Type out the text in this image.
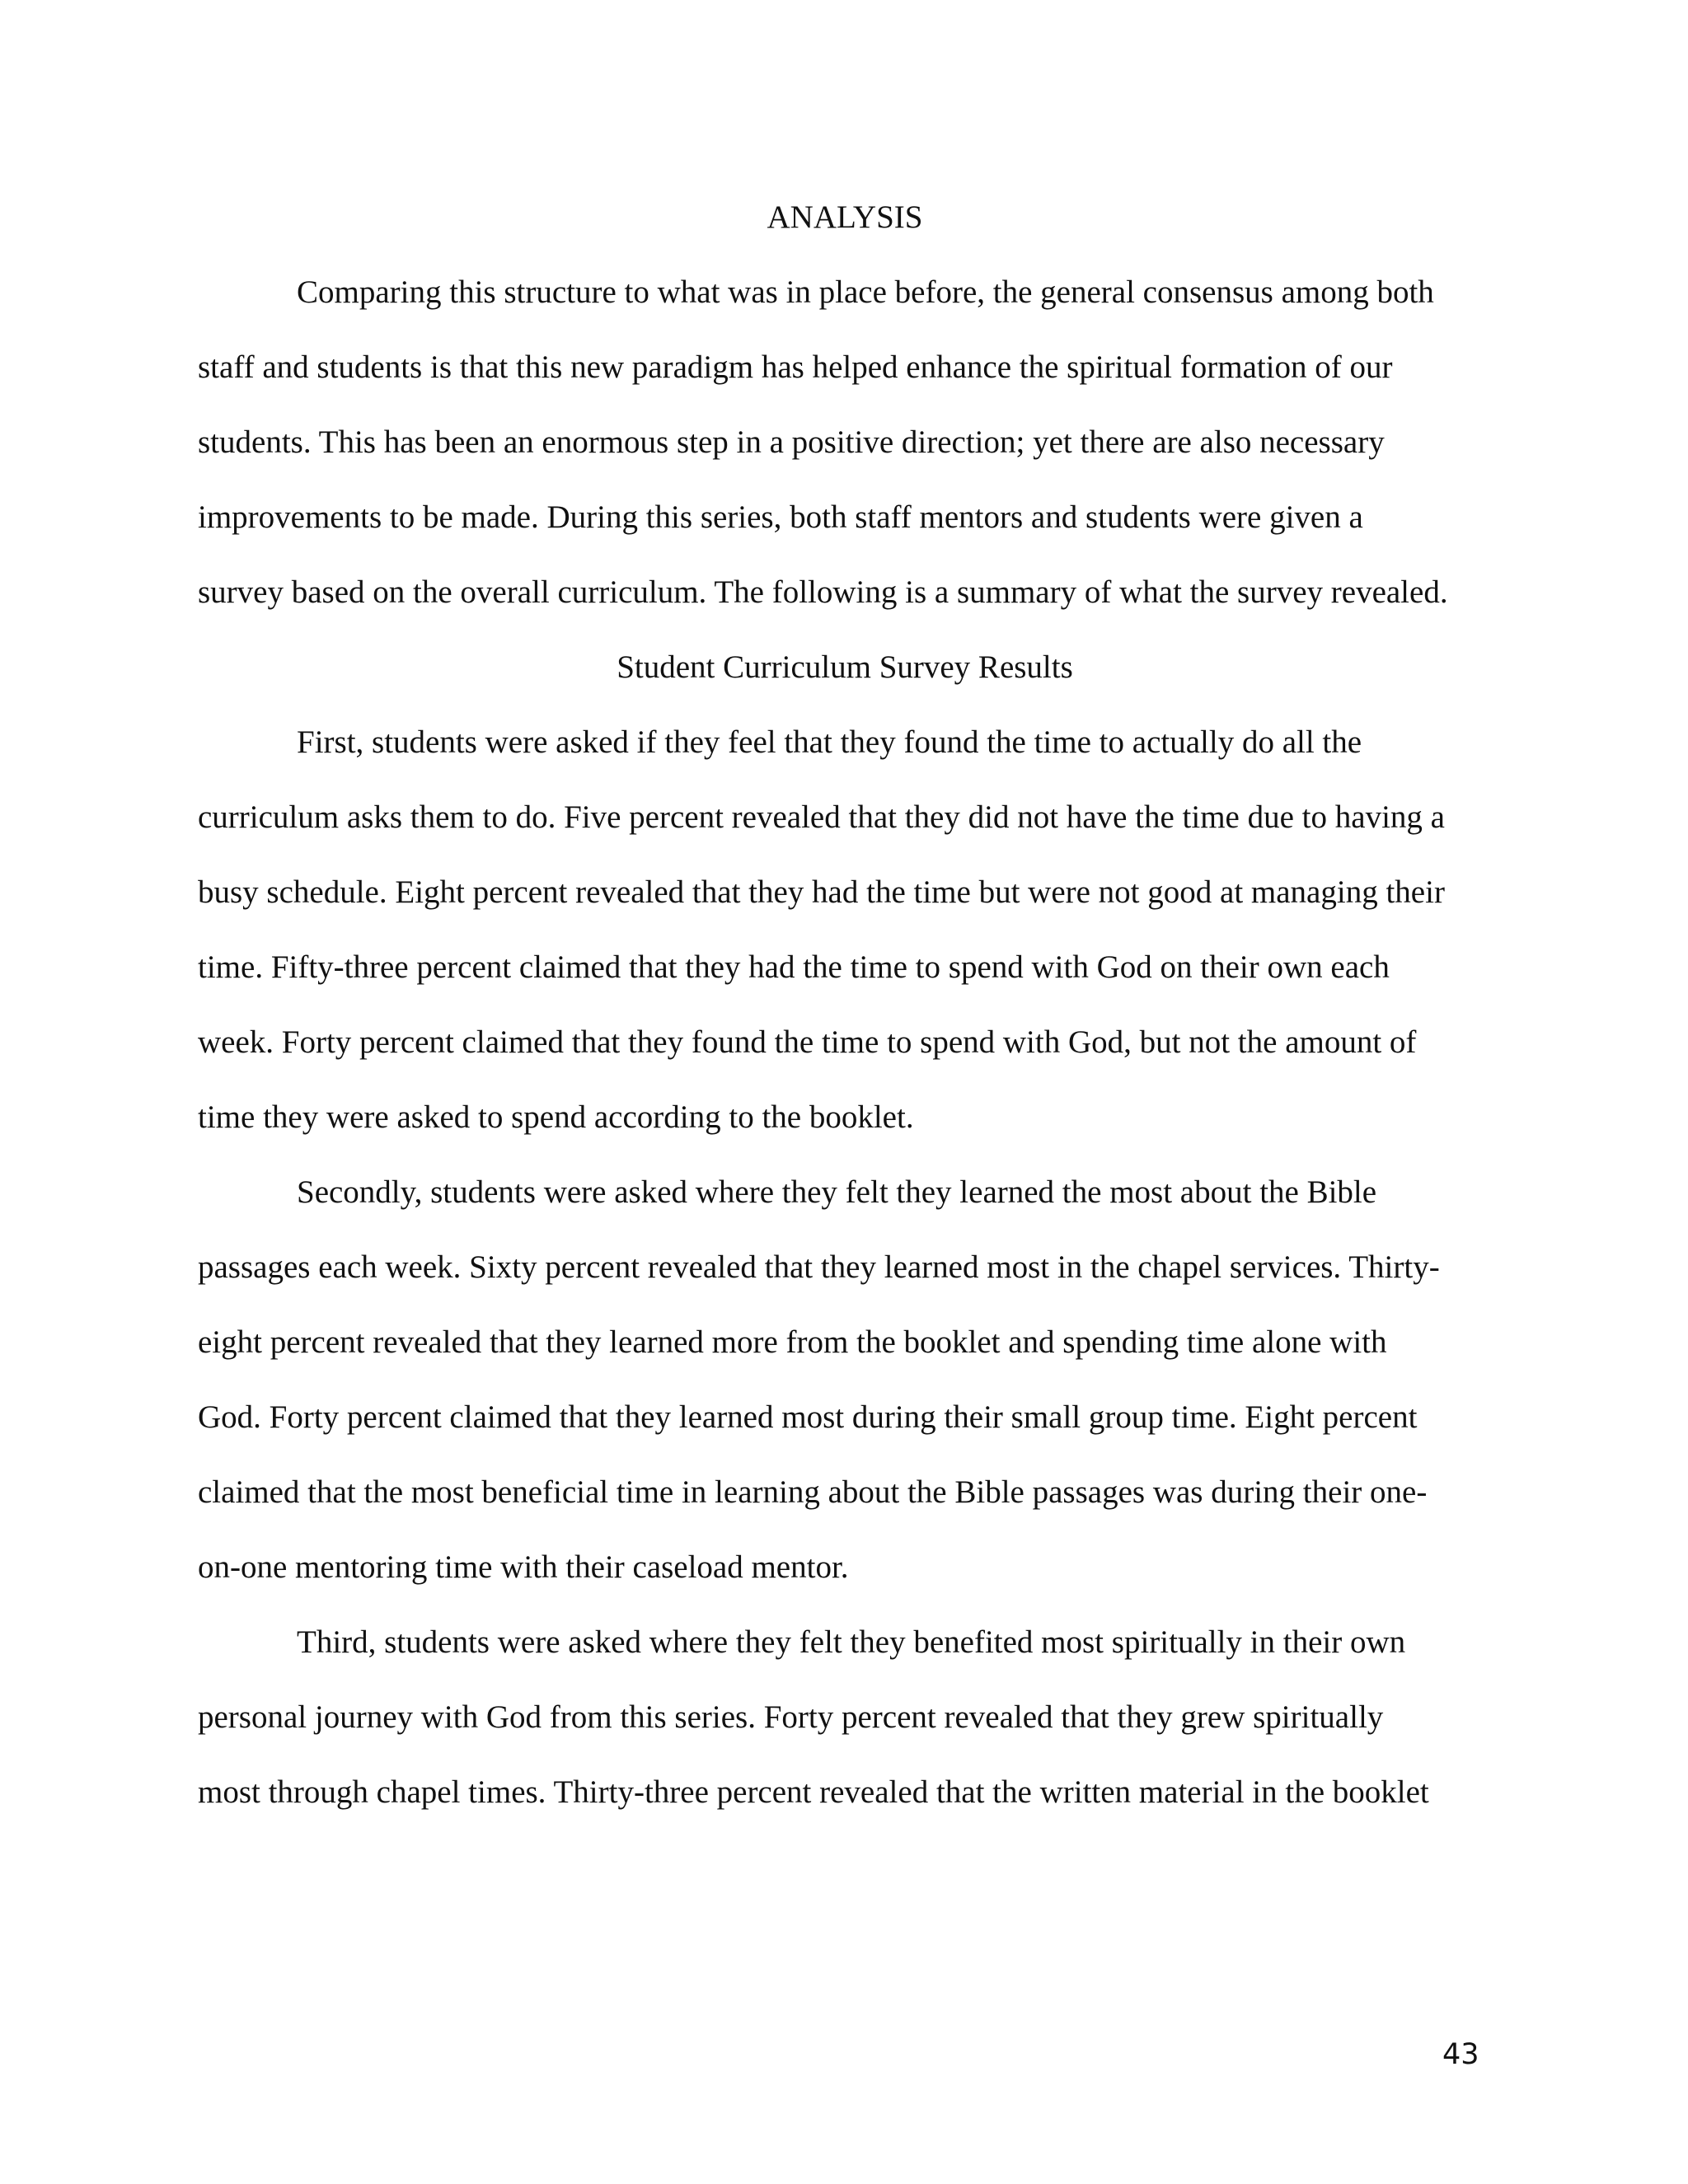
ANALYSIS
Comparing this structure to what was in place before, the general consensus among both
staff and students is that this new paradigm has helped enhance the spiritual formation of our
students. This has been an enormous step in a positive direction; yet there are also necessary
improvements to be made. During this series, both staff mentors and students were given a
survey based on the overall curriculum. The following is a summary of what the survey revealed.
Student Curriculum Survey Results
First, students were asked if they feel that they found the time to actually do all the
curriculum asks them to do. Five percent revealed that they did not have the time due to having a
busy schedule. Eight percent revealed that they had the time but were not good at managing their
time. Fifty-three percent claimed that they had the time to spend with God on their own each
week. Forty percent claimed that they found the time to spend with God, but not the amount of
time they were asked to spend according to the booklet.
Secondly, students were asked where they felt they learned the most about the Bible
passages each week. Sixty percent revealed that they learned most in the chapel services. Thirty-
eight percent revealed that they learned more from the booklet and spending time alone with
God. Forty percent claimed that they learned most during their small group time. Eight percent
claimed that the most beneficial time in learning about the Bible passages was during their one-
on-one mentoring time with their caseload mentor.
Third, students were asked where they felt they benefited most spiritually in their own
personal journey with God from this series. Forty percent revealed that they grew spiritually
most through chapel times. Thirty-three percent revealed that the written material in the booklet
43
